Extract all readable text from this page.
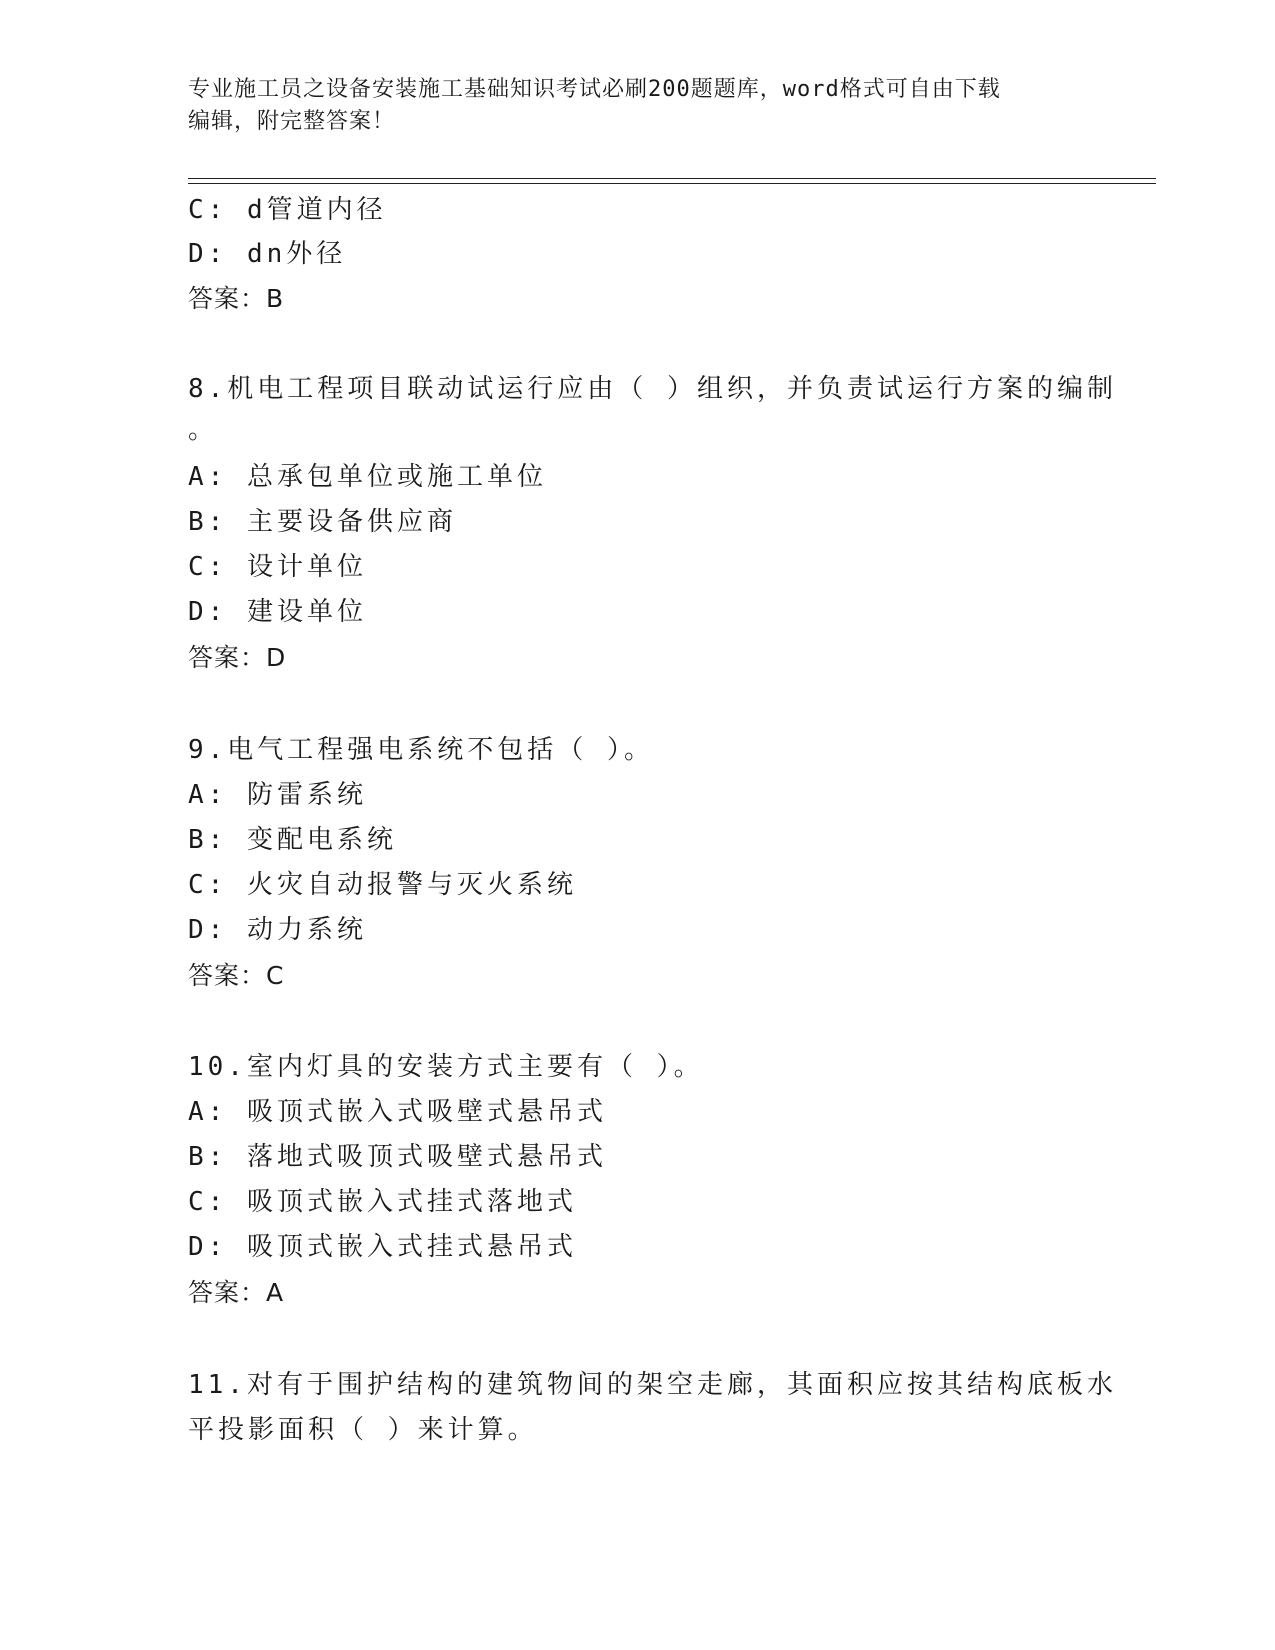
专业施工员之设备安装施工基础知识考试必刷200题题库，word格式可自由下载
编辑，附完整答案！
C: d管道内径
D: dn外径
答案：B
8.机电工程项目联动试运行应由（ ）组织，并负责试运行方案的编制
。
A: 总承包单位或施工单位
B: 主要设备供应商
C: 设计单位
D: 建设单位
答案：D
9.电气工程强电系统不包括（ ）。
A: 防雷系统
B: 变配电系统
C: 火灾自动报警与灭火系统
D: 动力系统
答案：C
10.室内灯具的安装方式主要有（ ）。
A: 吸顶式嵌入式吸壁式悬吊式
B: 落地式吸顶式吸壁式悬吊式
C: 吸顶式嵌入式挂式落地式
D: 吸顶式嵌入式挂式悬吊式
答案：A
11.对有于围护结构的建筑物间的架空走廊，其面积应按其结构底板水
平投影面积（ ）来计算。
